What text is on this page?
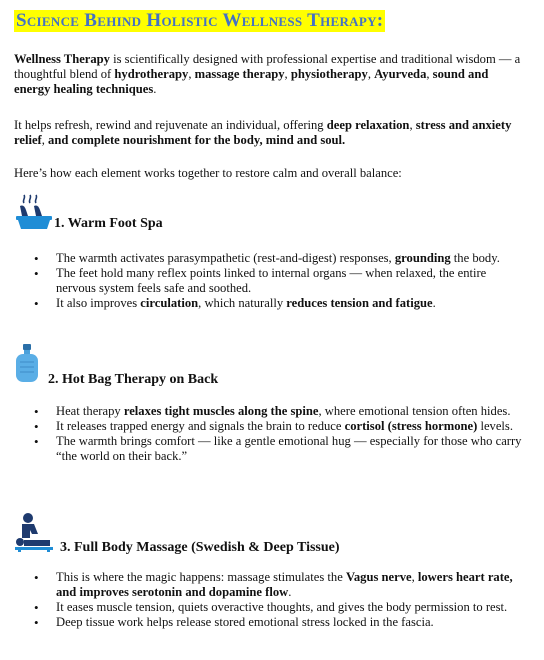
Science Behind Holistic Wellness Therapy:

Wellness Therapy is scientifically designed with professional expertise and traditional wisdom — a thoughtful blend of hydrotherapy, massage therapy, physiotherapy, Ayurveda, sound and energy healing techniques.

It helps refresh, rewind and rejuvenate an individual, offering deep relaxation, stress and anxiety relief, and complete nourishment for the body, mind and soul.

Here’s how each element works together to restore calm and overall balance:

1. Warm Foot Spa
• The warmth activates parasympathetic (rest-and-digest) responses, grounding the body.
• The feet hold many reflex points linked to internal organs — when relaxed, the entire nervous system feels safe and soothed.
• It also improves circulation, which naturally reduces tension and fatigue.
2. Hot Bag Therapy on Back
• Heat therapy relaxes tight muscles along the spine, where emotional tension often hides.
• It releases trapped energy and signals the brain to reduce cortisol (stress hormone) levels.
• The warmth brings comfort — like a gentle emotional hug — especially for those who carry “the world on their back.”
3. Full Body Massage (Swedish & Deep Tissue)
• This is where the magic happens: massage stimulates the Vagus nerve, lowers heart rate, and improves serotonin and dopamine flow.
• It eases muscle tension, quiets overactive thoughts, and gives the body permission to rest.
• Deep tissue work helps release stored emotional stress locked in the fascia.
